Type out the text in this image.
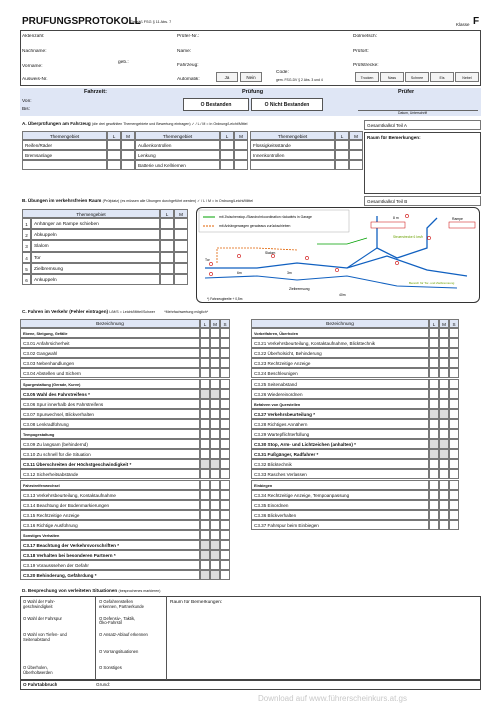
PRÜFUNGSPROTOKOLL
Gemäß FSG § 11 Abs. 7	Klasse F
Aktenzahl:
Nachname:
Vorname:
Ausweis-Nr.
geb.:
Prüfer-Nr.:
Name:
Fahrzeug:
Automatik:	Ja	Nein
Code:
gem. FSG-DV § 2 Abs. 3 und 4
Dolmetsch:
Prüfort:
Prüfstrecke:
Trocken	Nass	Schnee	Eis	Nebel
Fahrzeit:	Prüfung	Prüfer
Von:
Bis:
O Bestanden	O Nicht Bestanden
Datum, Unterschrift
A. Überprüfungen am Fahrzeug (die drei gewählten Themengebiete und Bewertung eintragen) ✓ / L / M = in Ordnung/Leicht/Mittel
Themengebiet	L	M
Reifen/Räder
Bremsanlage
Themengebiet	L	M
Außenkontrollen
Lenkung
Batterie und Kellriemen
Themengebiet	L	M
Flüssigkeitsstände
Innenkontrollen
Gesamtkalkül Teil A
Raum für Bemerkungen:
Gesamtkalkül Teil B
B. Übungen im verkehrsfreien Raum (Prüfplatz) (es müssen alle Übungen durchgeführt werden) ✓ / L / M = in Ordnung/Leicht/Mittel
Themengebiet	L	M
1	Anhänger an Rampe schieben
2	Abkuppeln
3	Slalom
4	Tor
5	Zielbremsung
6	Ankuppeln
mit Zwischenstop-/Standrohrkoordination rückwärts in Garage
mit Anhängerwagen geradeaus zurückschieben
8 m
Tor
Slalom
Zielbremsung
6m	3m
40m
Rampe
Steuerstrecke 6 km/h
Bereich für Tor- und Zielbremsung
*) Fahrzeugbreite + 0,5m
C. Fahren im Verkehr (Fehler eintragen) L/M/S = Leicht/Mittel/Schwer	*Mehrfachwertung möglich*
Bezeichnung	L	M	S
Ebene, Steigung, Gefälle
C3.01 Anfahrsicherheit
C3.02 Gangwahl
C3.03 Nebenhandlungen
C3.04 Abstellen und Sichern
Spurgestaltung (Gerade, Kurve)
C3.05 Wahl des Fahrstreifens *
C3.06 Spur innerhalb des Fahrstreifens
C3.07 Spurwechsel, Blickverhalten
C3.08 Lenkradführung
Tempogestaltung
C3.09 Zu langsam (behindernd)
C3.10 Zu schnell für die Situation
C3.11 Überschreiten der Höchstgeschwindigkeit *
C3.12 Sicherheitsabstände
Fahrstreifenwechsel
C3.13 Verkehrsbeurteilung, Kontaktaufnahme
C3.14 Beachtung der Bodenmarkierungen
C3.15 Rechtzeitige Anzeige
C3.16 Richtige Ausführung
Sonstiges Verhalten
C3.17 Beachtung der Verkehrsvorschriften *
C3.18 Verhalten bei besonderen Partnern *
C3.19 Vorausssehen der Gefahr
C3.20 Behinderung, Gefährdung *
Bezeichnung	L	M	S
Vorbeifahren, Überholen
C3.21 Verkehrsbeurteilung, Kontaktaufnahme, Blickttechnik
C3.22 Überholsicht, Behinderung
C3.23 Rechtzeitige Anzeige
C3.24 Beschleunigen
C3.25 Seitenabstand
C3.26 Wiedereinordnen
Befahren von Querstellen
C3.27 Verkehrsbeurteilung *
C3.28 Richtiges Annähern
C3.29 Wartepflichterfüllung
C3.30 Stop, Arm- und Lichtzeichen (anhalten) *
C3.31 Fußgänger, Radfahrer *
C3.32 Blicktechnik
C3.33 Rasches Verlassen
Einbiegen
C3.34 Rechtzeitige Anzeige, Tempoanpassung
C3.35 Einordnen
C3.36 Blickverhalten
C3.37 Fahrspur beim Einbiegen
D. Besprechung von verleiteten Situationen (besprochenes markieren)
O Wahl der Fahr-
geschwindigkeit
O Wahl der Fahrspur
O Wahl von Tiefen- und
Seitenabstand
O Überholen,
Überholtwerden
O Gefahrenstellen
erkennen, Partnerkunde
O Defensiv-, Taktik,
Öko-Fahrstil
O Ansatz-Ablauf erkennen
O Vorrangsituationen
O Sonstiges
Raum für Bemerkungen:
O Fahrtabbruch	Grund:
Download auf www.führerscheinkurs.at.gs
